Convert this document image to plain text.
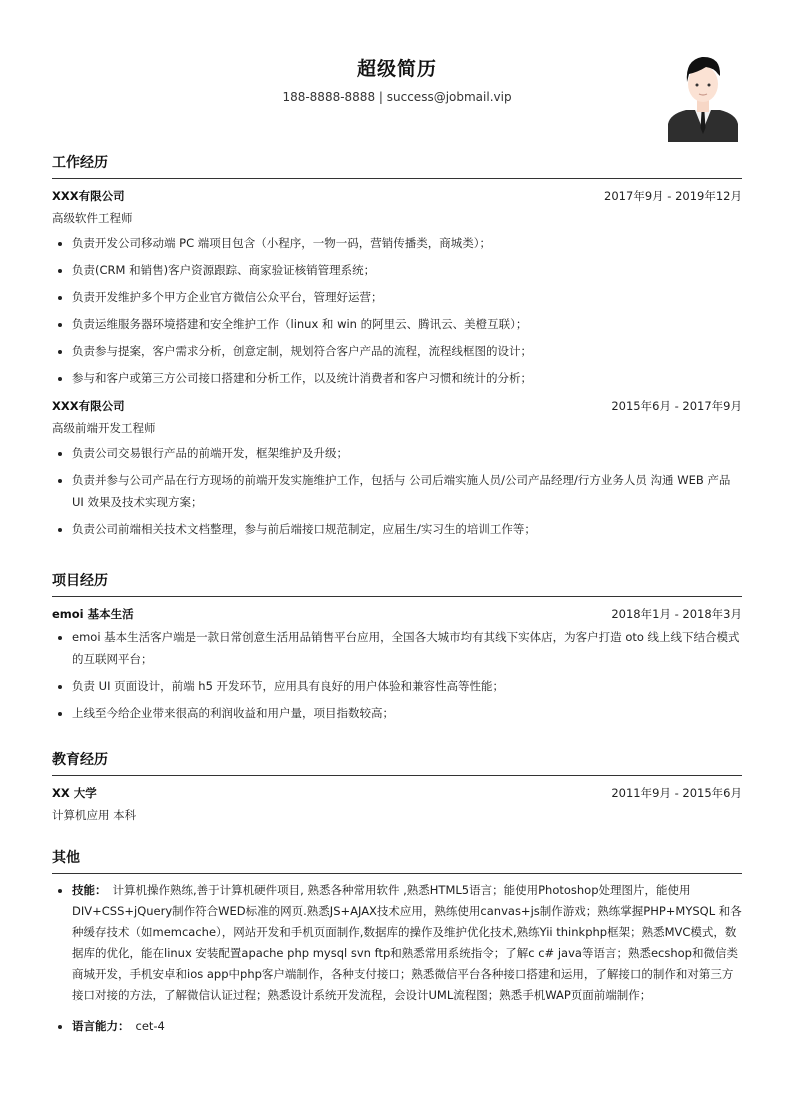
超级简历
188-8888-8888 | success@jobmail.vip
工作经历
XXX有限公司	2017年9月 - 2019年12月
高级软件工程师
• 负责开发公司移动端 PC 端项目包含（小程序，一物一码，营销传播类，商城类）；
• 负责(CRM 和销售)客户资源跟踪、商家验证核销管理系统；
• 负责开发维护多个甲方企业官方微信公众平台，管理好运营；
• 负责运维服务器环境搭建和安全维护工作（linux 和 win 的阿里云、腾讯云、美橙互联）；
• 负责参与提案，客户需求分析，创意定制，规划符合客户产品的流程，流程线框图的设计；
• 参与和客户或第三方公司接口搭建和分析工作，以及统计消费者和客户习惯和统计的分析；
XXX有限公司	2015年6月 - 2017年9月
高级前端开发工程师
• 负责公司交易银行产品的前端开发，框架维护及升级；
• 负责并参与公司产品在行方现场的前端开发实施维护工作，包括与 公司后端实施人员/公司产品经理/行方业务人员 沟通 WEB 产品 UI 效果及技术实现方案；
• 负责公司前端相关技术文档整理，参与前后端接口规范制定，应届生/实习生的培训工作等；
项目经历
emoi 基本生活	2018年1月 - 2018年3月
• emoi 基本生活客户端是一款日常创意生活用品销售平台应用，全国各大城市均有其线下实体店，为客户打造 oto 线上线下结合模式的互联网平台；
• 负责 UI 页面设计，前端 h5 开发环节，应用具有良好的用户体验和兼容性高等性能；
• 上线至今给企业带来很高的利润收益和用户量，项目指数较高；
教育经历
XX 大学	2011年9月 - 2015年6月
计算机应用 本科
其他
• 技能： 计算机操作熟练,善于计算机硬件项目, 熟悉各种常用软件 ,熟悉HTML5语言；能使用Photoshop处理图片，能使用DIV+CSS+jQuery制作符合WED标准的网页.熟悉JS+AJAX技术应用，熟练使用canvas+js制作游戏；熟练掌握PHP+MYSQL 和各种缓存技术（如memcache），网站开发和手机页面制作,数据库的操作及维护优化技术,熟练Yii thinkphp框架；熟悉MVC模式，数据库的优化，能在linux 安装配置apache php mysql svn ftp和熟悉常用系统指令；了解c c# java等语言；熟悉ecshop和微信类商城开发，手机安卓和ios app中php客户端制作，各种支付接口；熟悉微信平台各种接口搭建和运用，了解接口的制作和对第三方接口对接的方法，了解微信认证过程；熟悉设计系统开发流程，会设计UML流程图；熟悉手机WAP页面前端制作；
• 语言能力： cet-4
